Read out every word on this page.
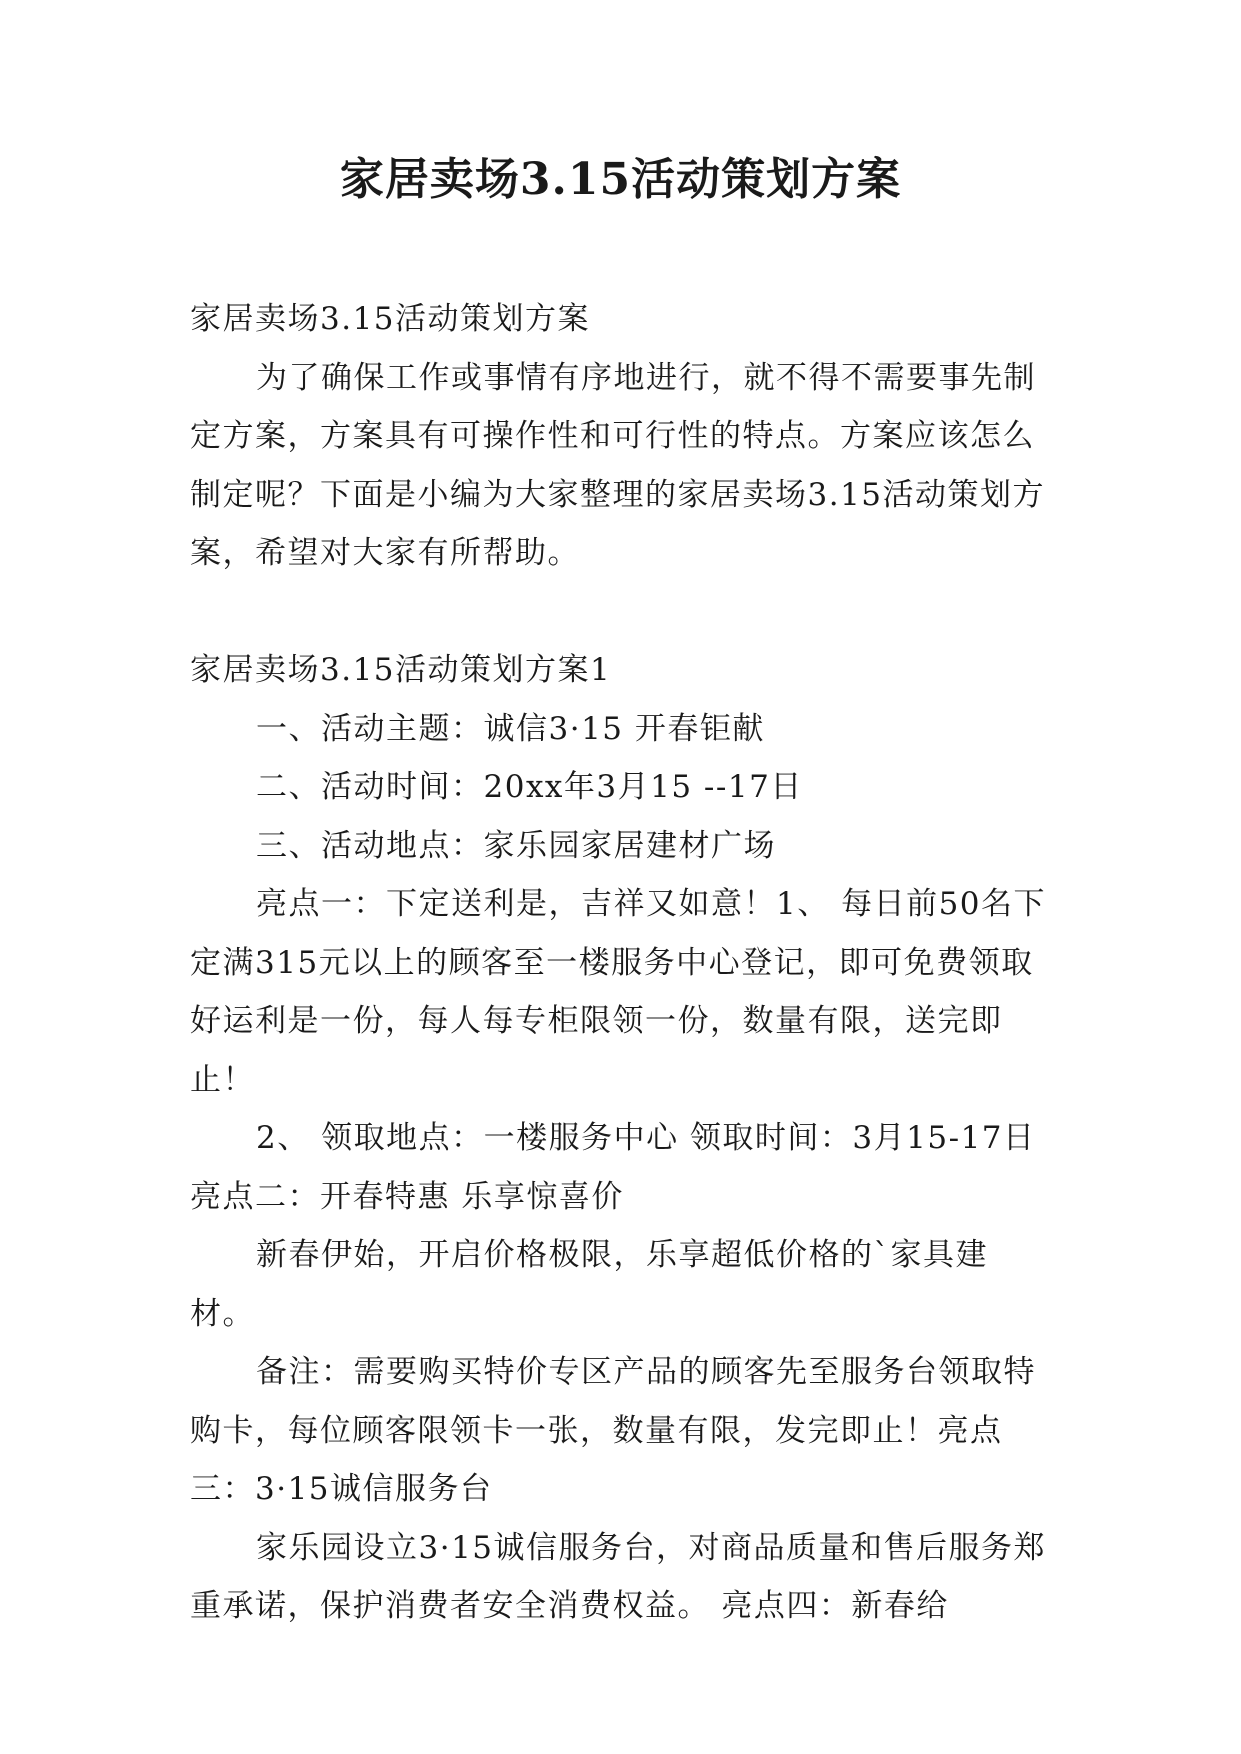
家居卖场3.15活动策划方案

家居卖场3.15活动策划方案

为了确保工作或事情有序地进行，就不得不需要事先制定方案，方案具有可操作性和可行性的特点。方案应该怎么制定呢？下面是小编为大家整理的家居卖场3.15活动策划方案，希望对大家有所帮助。

家居卖场3.15活动策划方案1

一、活动主题：诚信3·15 开春钜献

二、活动时间：20xx年3月15 --17日

三、活动地点：家乐园家居建材广场

亮点一：下定送利是，吉祥又如意！1、 每日前50名下定满315元以上的顾客至一楼服务中心登记，即可免费领取好运利是一份，每人每专柜限领一份，数量有限，送完即止！

2、 领取地点：一楼服务中心 领取时间：3月15-17日

亮点二：开春特惠 乐享惊喜价

新春伊始，开启价格极限，乐享超低价格的`家具建材。

备注：需要购买特价专区产品的顾客先至服务台领取特购卡，每位顾客限领卡一张，数量有限，发完即止！亮点三：3·15诚信服务台

家乐园设立3·15诚信服务台，对商品质量和售后服务郑重承诺，保护消费者安全消费权益。 亮点四：新春给
